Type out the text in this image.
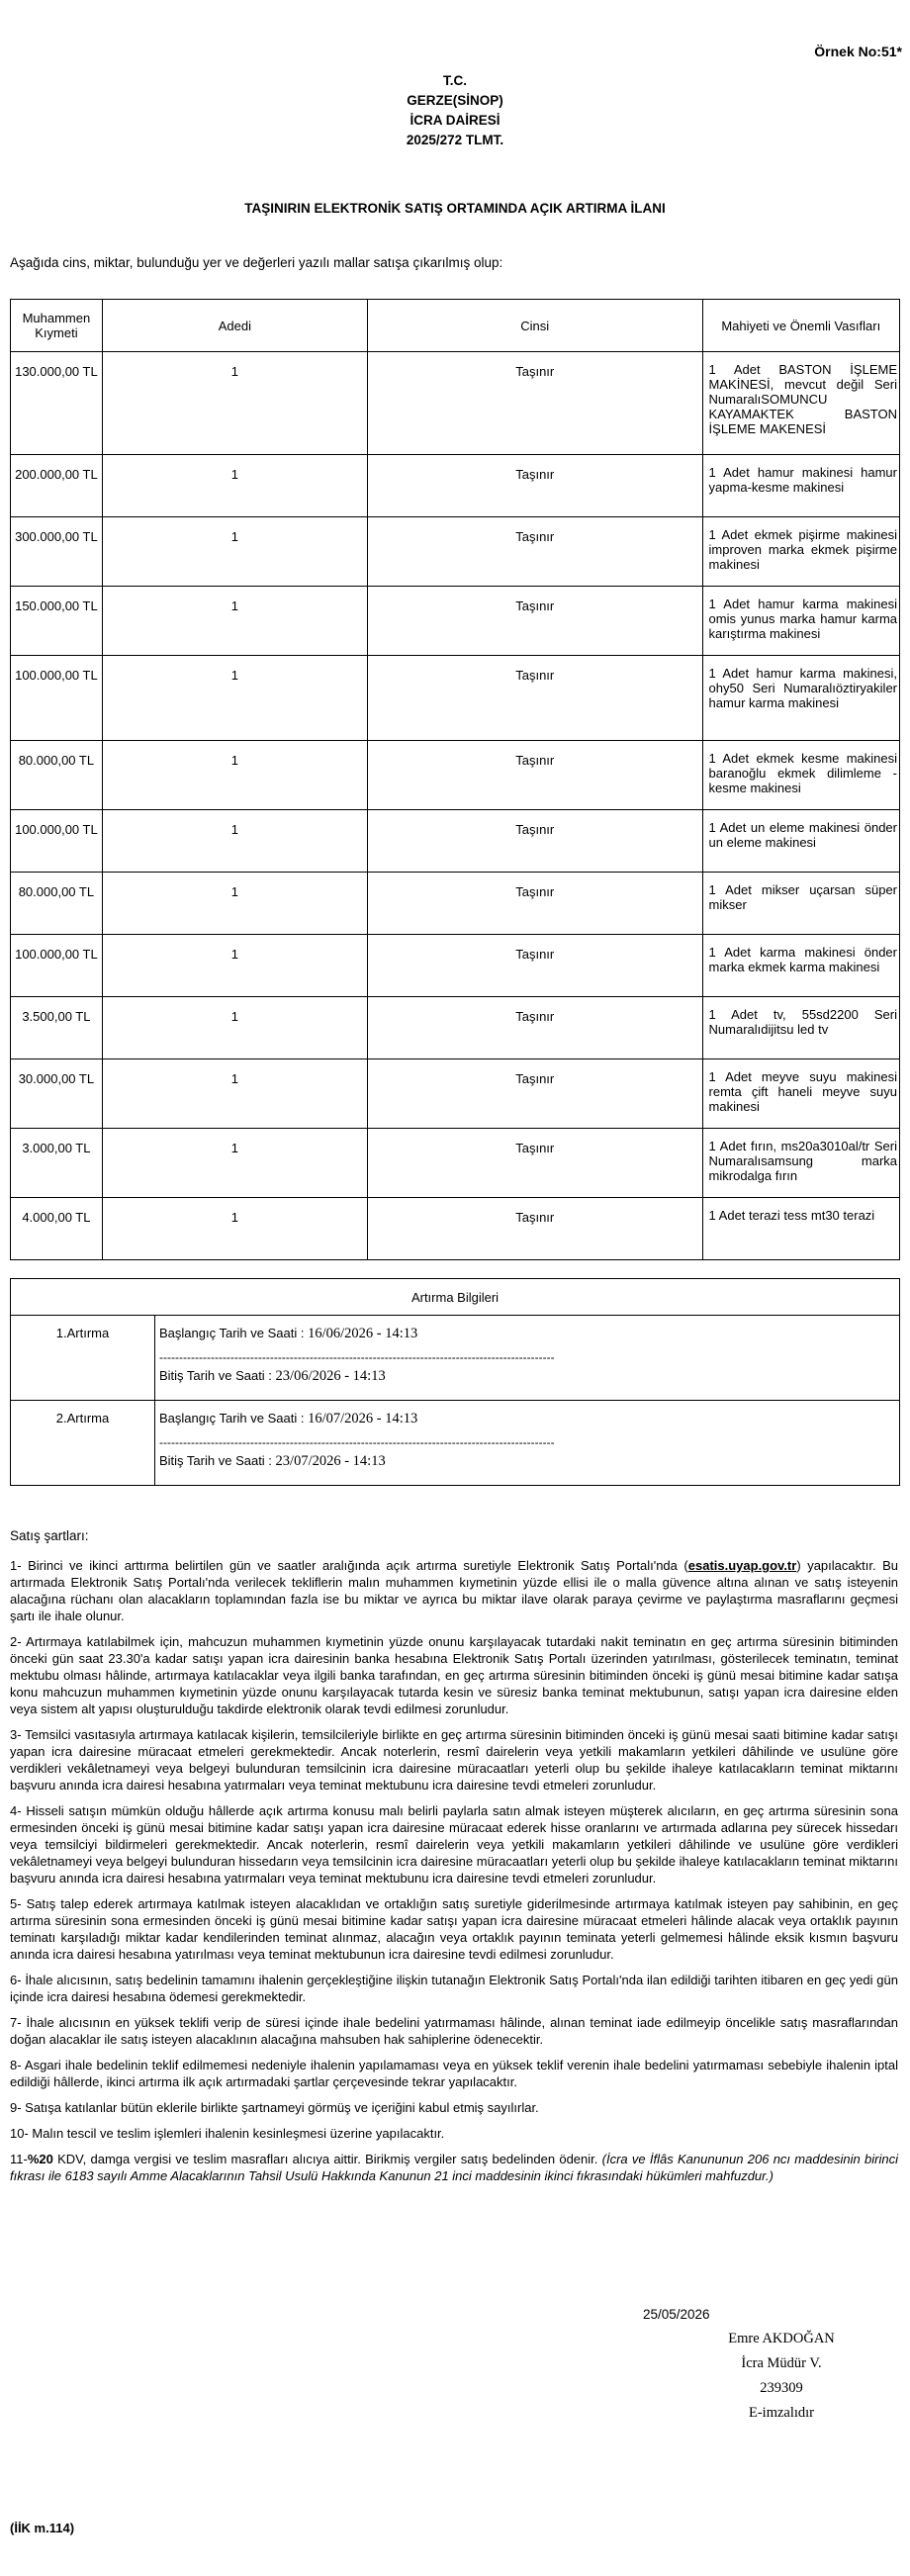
Örnek No:51*
T.C.
GERZE(SİNOP)
İCRA DAİRESİ
2025/272 TLMT.
TAŞINIRIN ELEKTRONİK SATIŞ ORTAMINDA AÇIK ARTIRMA İLANI
Aşağıda cins, miktar, bulunduğu yer ve değerleri yazılı mallar satışa çıkarılmış olup:
Muhammen Kıymeti	Adedi	Cinsi	Mahiyeti ve Önemli Vasıfları
130.000,00 TL	1	Taşınır	1 Adet BASTON İŞLEME MAKİNESİ, mevcut değil Seri NumaralıSOMUNCU KAYAMAKTEK BASTON İŞLEME MAKENESİ

200.000,00 TL	1	Taşınır	1 Adet hamur makinesi hamur yapma-kesme makinesi

300.000,00 TL	1	Taşınır	1 Adet ekmek pişirme makinesi improven marka ekmek pişirme makinesi

150.000,00 TL	1	Taşınır	1 Adet hamur karma makinesi omis yunus marka hamur karma karıştırma makinesi

100.000,00 TL	1	Taşınır	1 Adet hamur karma makinesi, ohy50 Seri Numaralıöztiryakiler hamur karma makinesi

80.000,00 TL	1	Taşınır	1 Adet ekmek kesme makinesi baranoğlu ekmek dilimleme - kesme makinesi

100.000,00 TL	1	Taşınır	1 Adet un eleme makinesi önder un eleme makinesi

80.000,00 TL	1	Taşınır	1 Adet mikser uçarsan süper mikser

100.000,00 TL	1	Taşınır	1 Adet karma makinesi önder marka ekmek karma makinesi

3.500,00 TL	1	Taşınır	1 Adet tv, 55sd2200 Seri Numaralıdijitsu led tv

30.000,00 TL	1	Taşınır	1 Adet meyve suyu makinesi remta çift haneli meyve suyu makinesi

3.000,00 TL	1	Taşınır	1 Adet fırın, ms20a3010al/tr Seri Numaralısamsung marka mikrodalga fırın

4.000,00 TL	1	Taşınır	1 Adet terazi tess mt30 terazi
Artırma Bilgileri	
1.Artırma	Başlangıç Tarih ve Saati : 16/06/2026 - 14:13
----------------------------------------------------------------------------------------------------
Bitiş Tarih ve Saati : 23/06/2026 - 14:13

2.Artırma	Başlangıç Tarih ve Saati : 16/07/2026 - 14:13
----------------------------------------------------------------------------------------------------
Bitiş Tarih ve Saati : 23/07/2026 - 14:13
Satış şartları:

1- Birinci ve ikinci arttırma belirtilen gün ve saatler aralığında açık artırma suretiyle Elektronik Satış Portalı'nda (esatis.uyap.gov.tr) yapılacaktır. Bu artırmada Elektronik Satış Portalı'nda verilecek tekliflerin malın muhammen kıymetinin yüzde ellisi ile o malla güvence altına alınan ve satış isteyenin alacağına rüchanı olan alacakların toplamından fazla ise bu miktar ve ayrıca bu miktar ilave olarak paraya çevirme ve paylaştırma masraflarını geçmesi şartı ile ihale olunur.

2- Artırmaya katılabilmek için, mahcuzun muhammen kıymetinin yüzde onunu karşılayacak tutardaki nakit teminatın en geç artırma süresinin bitiminden önceki gün saat 23.30'a kadar satışı yapan icra dairesinin banka hesabına Elektronik Satış Portalı üzerinden yatırılması, gösterilecek teminatın, teminat mektubu olması hâlinde, artırmaya katılacaklar veya ilgili banka tarafından, en geç artırma süresinin bitiminden önceki iş günü mesai bitimine kadar satışa konu mahcuzun muhammen kıymetinin yüzde onunu karşılayacak tutarda kesin ve süresiz banka teminat mektubunun, satışı yapan icra dairesine elden veya sistem alt yapısı oluşturulduğu takdirde elektronik olarak tevdi edilmesi zorunludur.

3- Temsilci vasıtasıyla artırmaya katılacak kişilerin, temsilcileriyle birlikte en geç artırma süresinin bitiminden önceki iş günü mesai saati bitimine kadar satışı yapan icra dairesine müracaat etmeleri gerekmektedir. Ancak noterlerin, resmî dairelerin veya yetkili makamların yetkileri dâhilinde ve usulüne göre verdikleri vekâletnameyi veya belgeyi bulunduran temsilcinin icra dairesine müracaatları yeterli olup bu şekilde ihaleye katılacakların teminat miktarını başvuru anında icra dairesi hesabına yatırmaları veya teminat mektubunu icra dairesine tevdi etmeleri zorunludur.

4- Hisseli satışın mümkün olduğu hâllerde açık artırma konusu malı belirli paylarla satın almak isteyen müşterek alıcıların, en geç artırma süresinin sona ermesinden önceki iş günü mesai bitimine kadar satışı yapan icra dairesine müracaat ederek hisse oranlarını ve artırmada adlarına pey sürecek hissedarı veya temsilciyi bildirmeleri gerekmektedir. Ancak noterlerin, resmî dairelerin veya yetkili makamların yetkileri dâhilinde ve usulüne göre verdikleri vekâletnameyi veya belgeyi bulunduran hissedarın veya temsilcinin icra dairesine müracaatları yeterli olup bu şekilde ihaleye katılacakların teminat miktarını başvuru anında icra dairesi hesabına yatırmaları veya teminat mektubunu icra dairesine tevdi etmeleri zorunludur.

5- Satış talep ederek artırmaya katılmak isteyen alacaklıdan ve ortaklığın satış suretiyle giderilmesinde artırmaya katılmak isteyen pay sahibinin, en geç artırma süresinin sona ermesinden önceki iş günü mesai bitimine kadar satışı yapan icra dairesine müracaat etmeleri hâlinde alacak veya ortaklık payının teminatı karşıladığı miktar kadar kendilerinden teminat alınmaz, alacağın veya ortaklık payının teminata yeterli gelmemesi hâlinde eksik kısmın başvuru anında icra dairesi hesabına yatırılması veya teminat mektubunun icra dairesine tevdi edilmesi zorunludur.

6- İhale alıcısının, satış bedelinin tamamını ihalenin gerçekleştiğine ilişkin tutanağın Elektronik Satış Portalı'nda ilan edildiği tarihten itibaren en geç yedi gün içinde icra dairesi hesabına ödemesi gerekmektedir.

7- İhale alıcısının en yüksek teklifi verip de süresi içinde ihale bedelini yatırmaması hâlinde, alınan teminat iade edilmeyip öncelikle satış masraflarından doğan alacaklar ile satış isteyen alacaklının alacağına mahsuben hak sahiplerine ödenecektir.

8- Asgari ihale bedelinin teklif edilmemesi nedeniyle ihalenin yapılamaması veya en yüksek teklif verenin ihale bedelini yatırmaması sebebiyle ihalenin iptal edildiği hâllerde, ikinci artırma ilk açık artırmadaki şartlar çerçevesinde tekrar yapılacaktır.

9- Satışa katılanlar bütün eklerile birlikte şartnameyi görmüş ve içeriğini kabul etmiş sayılırlar.

10- Malın tescil ve teslim işlemleri ihalenin kesinleşmesi üzerine yapılacaktır.

11-%20 KDV, damga vergisi ve teslim masrafları alıcıya aittir. Birikmiş vergiler satış bedelinden ödenir. (İcra ve İflâs Kanununun 206 ncı maddesinin birinci fıkrası ile 6183 sayılı Amme Alacaklarının Tahsil Usulü Hakkında Kanunun 21 inci maddesinin ikinci fıkrasındaki hükümleri mahfuzdur.)

25/05/2026
Emre AKDOĞAN
İcra Müdür V.
239309
E-imzalıdır
(İİK m.114)
